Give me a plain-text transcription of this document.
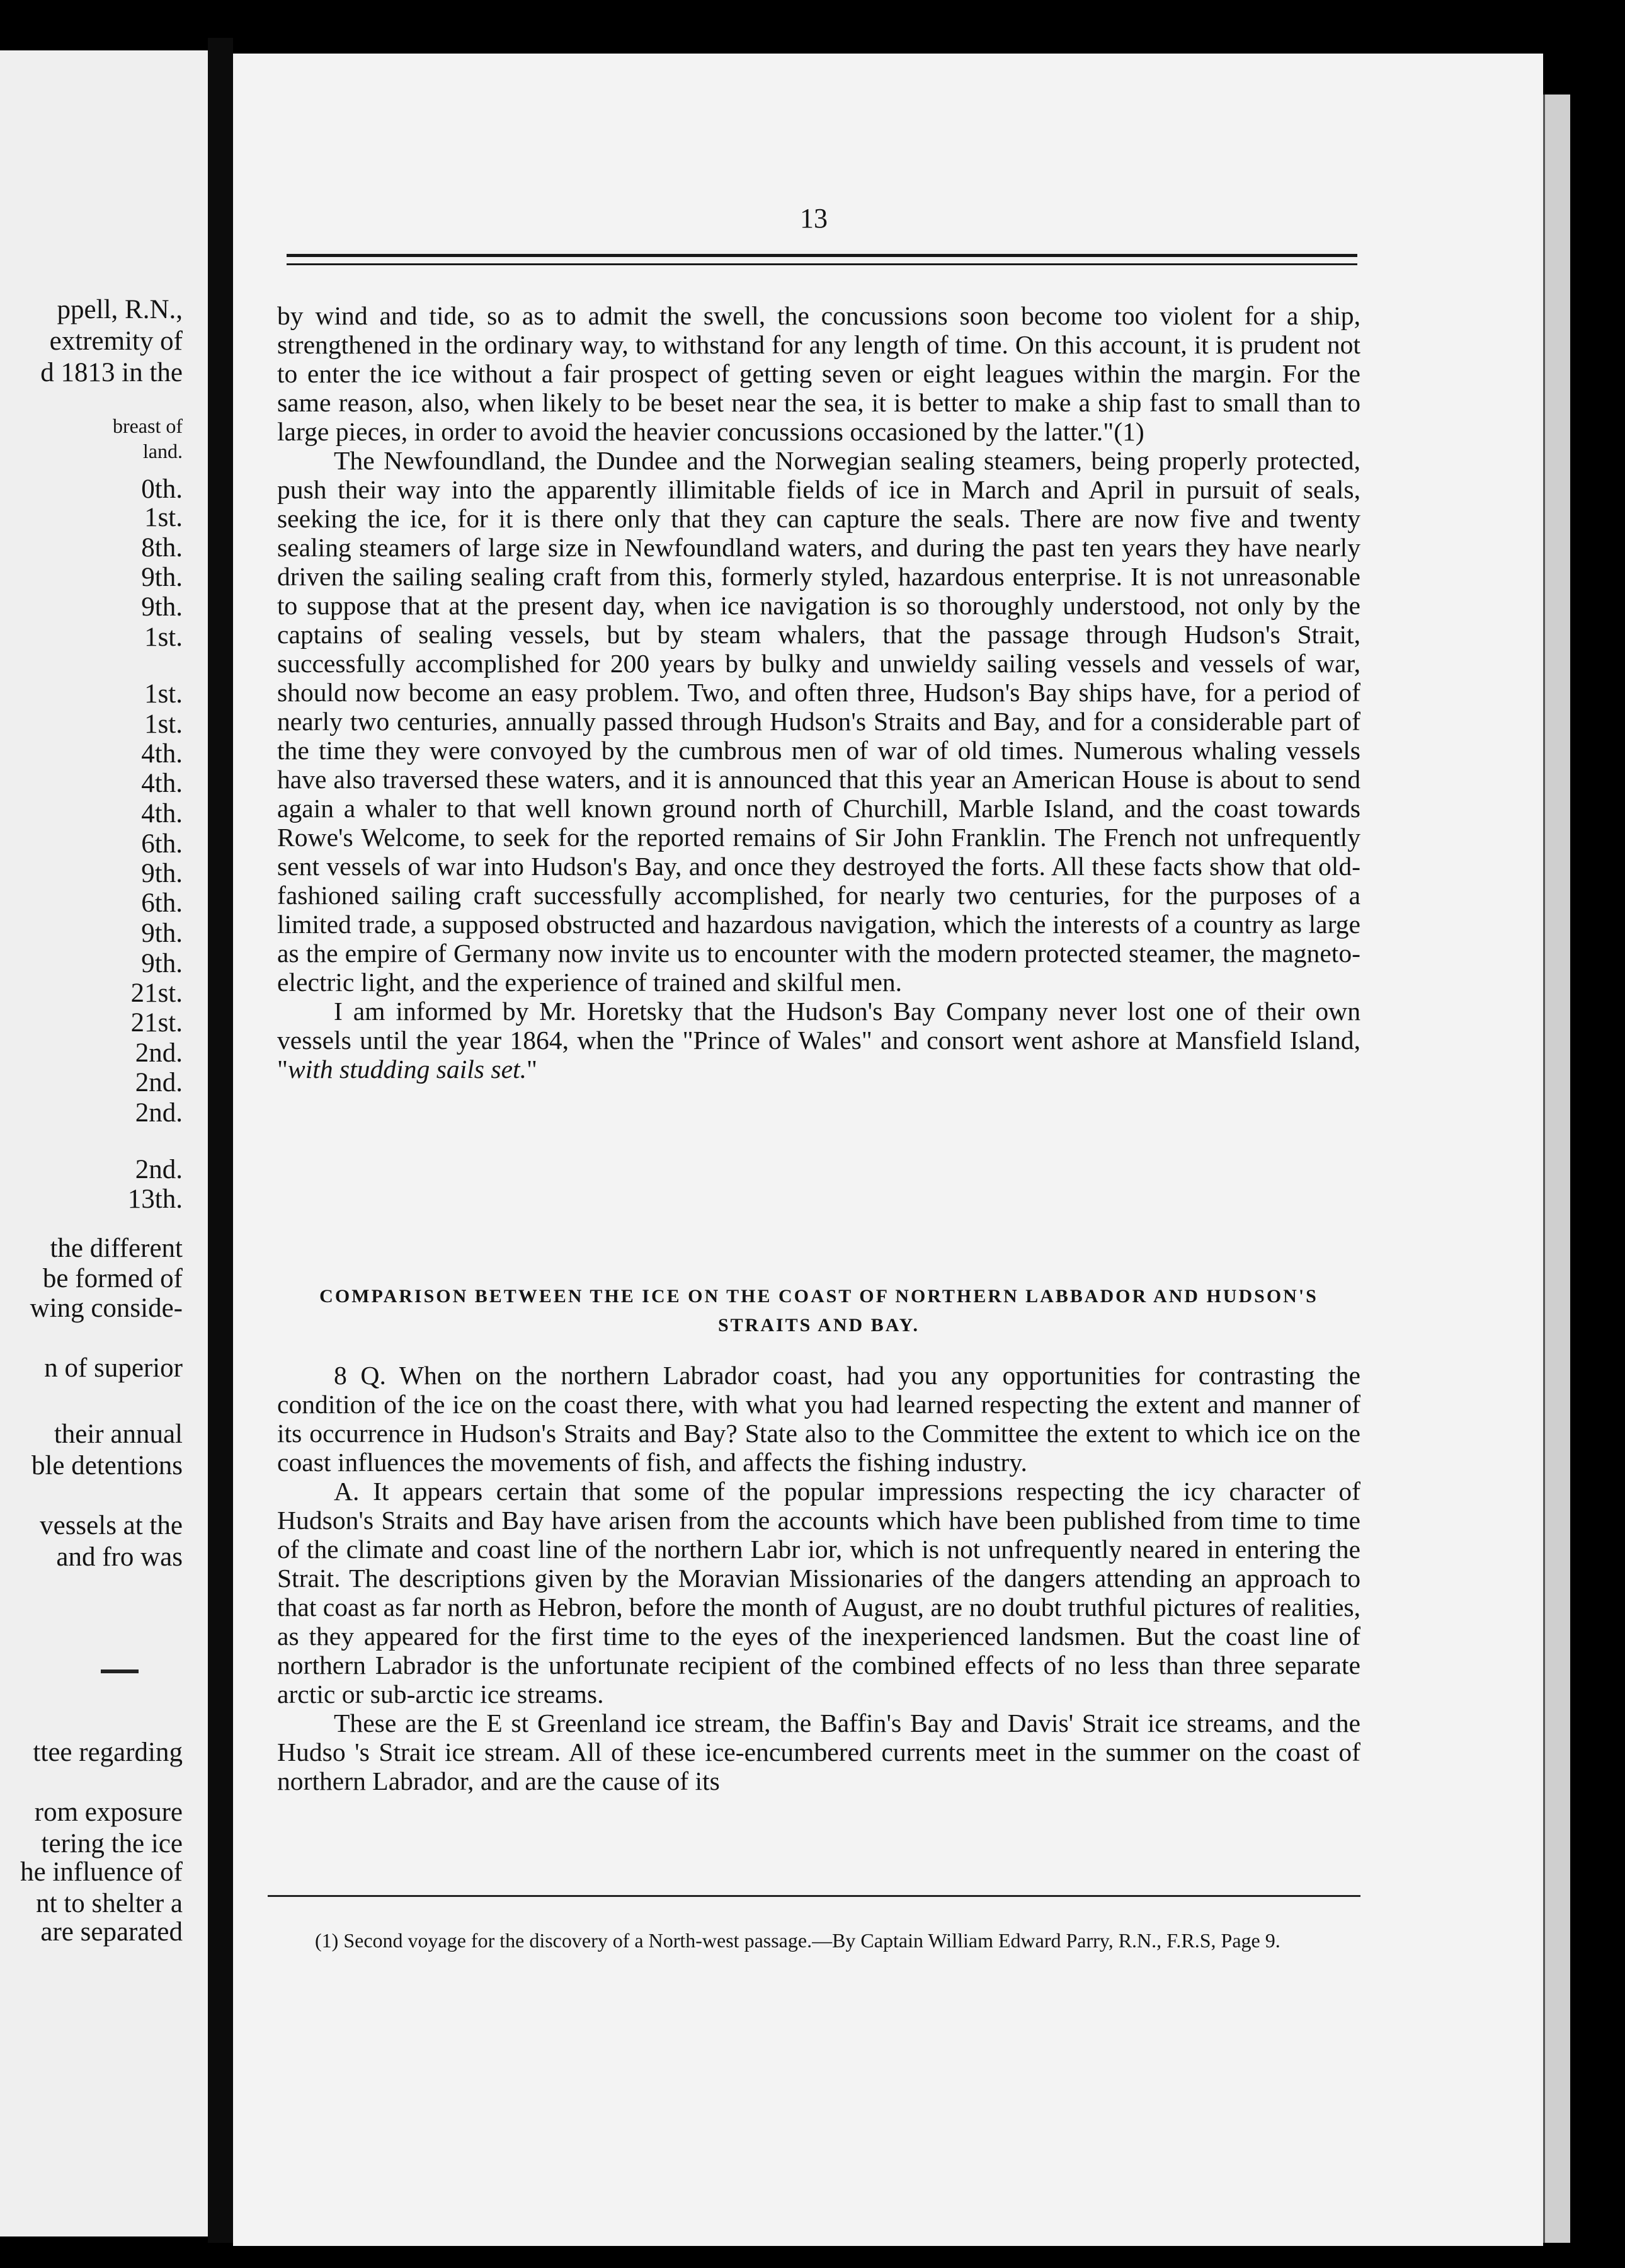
ppell, R.N.,
extremity of
d 1813 in the
breast of
land.
0th.
1st.
8th.
9th.
9th.
1st.
1st.
1st.
4th.
4th.
4th.
6th.
9th.
6th.
9th.
9th.
21st.
21st.
2nd.
2nd.
2nd.
2nd.
13th.
the different
be formed of
wing conside-
n of superior
their annual
ble detentions
vessels at the
and fro was
ttee regarding
rom exposure
tering the ice
he influence of
nt to shelter a
are separated
13

by wind and tide, so as to admit the swell, the concussions soon become too violent for a ship, strengthened in the ordinary way, to withstand for any length of time. On this account, it is prudent not to enter the ice without a fair prospect of getting seven or eight leagues within the margin. For the same reason, also, when likely to be beset near the sea, it is better to make a ship fast to small than to large pieces, in order to avoid the heavier concussions occasioned by the latter."(1)

The Newfoundland, the Dundee and the Norwegian sealing steamers, being properly protected, push their way into the apparently illimitable fields of ice in March and April in pursuit of seals, seeking the ice, for it is there only that they can capture the seals. There are now five and twenty sealing steamers of large size in Newfoundland waters, and during the past ten years they have nearly driven the sailing sealing craft from this, formerly styled, hazardous enterprise. It is not unreasonable to suppose that at the present day, when ice navigation is so thoroughly understood, not only by the captains of sealing vessels, but by steam whalers, that the passage through Hudson's Strait, successfully accomplished for 200 years by bulky and unwieldy sailing vessels and vessels of war, should now become an easy problem. Two, and often three, Hudson's Bay ships have, for a period of nearly two centuries, annually passed through Hudson's Straits and Bay, and for a considerable part of the time they were convoyed by the cumbrous men of war of old times. Numerous whaling vessels have also traversed these waters, and it is announced that this year an American House is about to send again a whaler to that well known ground north of Churchill, Marble Island, and the coast towards Rowe's Welcome, to seek for the reported remains of Sir John Franklin. The French not unfrequently sent vessels of war into Hudson's Bay, and once they destroyed the forts. All these facts show that old-fashioned sailing craft successfully accomplished, for nearly two centuries, for the purposes of a limited trade, a supposed obstructed and hazardous navigation, which the interests of a country as large as the empire of Germany now invite us to encounter with the modern protected steamer, the magneto-electric light, and the experience of trained and skilful men.

I am informed by Mr. Horetsky that the Hudson's Bay Company never lost one of their own vessels until the year 1864, when the "Prince of Wales" and consort went ashore at Mansfield Island, "with studding sails set."

COMPARISON BETWEEN THE ICE ON THE COAST OF NORTHERN LABBADOR AND HUDSON'S STRAITS AND BAY.

8 Q. When on the northern Labrador coast, had you any opportunities for contrasting the condition of the ice on the coast there, with what you had learned respecting the extent and manner of its occurrence in Hudson's Straits and Bay? State also to the Committee the extent to which ice on the coast influences the movements of fish, and affects the fishing industry.

A. It appears certain that some of the popular impressions respecting the icy character of Hudson's Straits and Bay have arisen from the accounts which have been published from time to time of the climate and coast line of the northern Labr ior, which is not unfrequently neared in entering the Strait. The descriptions given by the Moravian Missionaries of the dangers attending an approach to that coast as far north as Hebron, before the month of August, are no doubt truthful pictures of realities, as they appeared for the first time to the eyes of the inexperienced landsmen. But the coast line of northern Labrador is the unfortunate recipient of the combined effects of no less than three separate arctic or sub-arctic ice streams.

These are the E st Greenland ice stream, the Baffin's Bay and Davis' Strait ice streams, and the Hudso 's Strait ice stream. All of these ice-encumbered currents meet in the summer on the coast of northern Labrador, and are the cause of its

(1) Second voyage for the discovery of a North-west passage.—By Captain William Edward Parry, R.N., F.R.S, Page 9.
